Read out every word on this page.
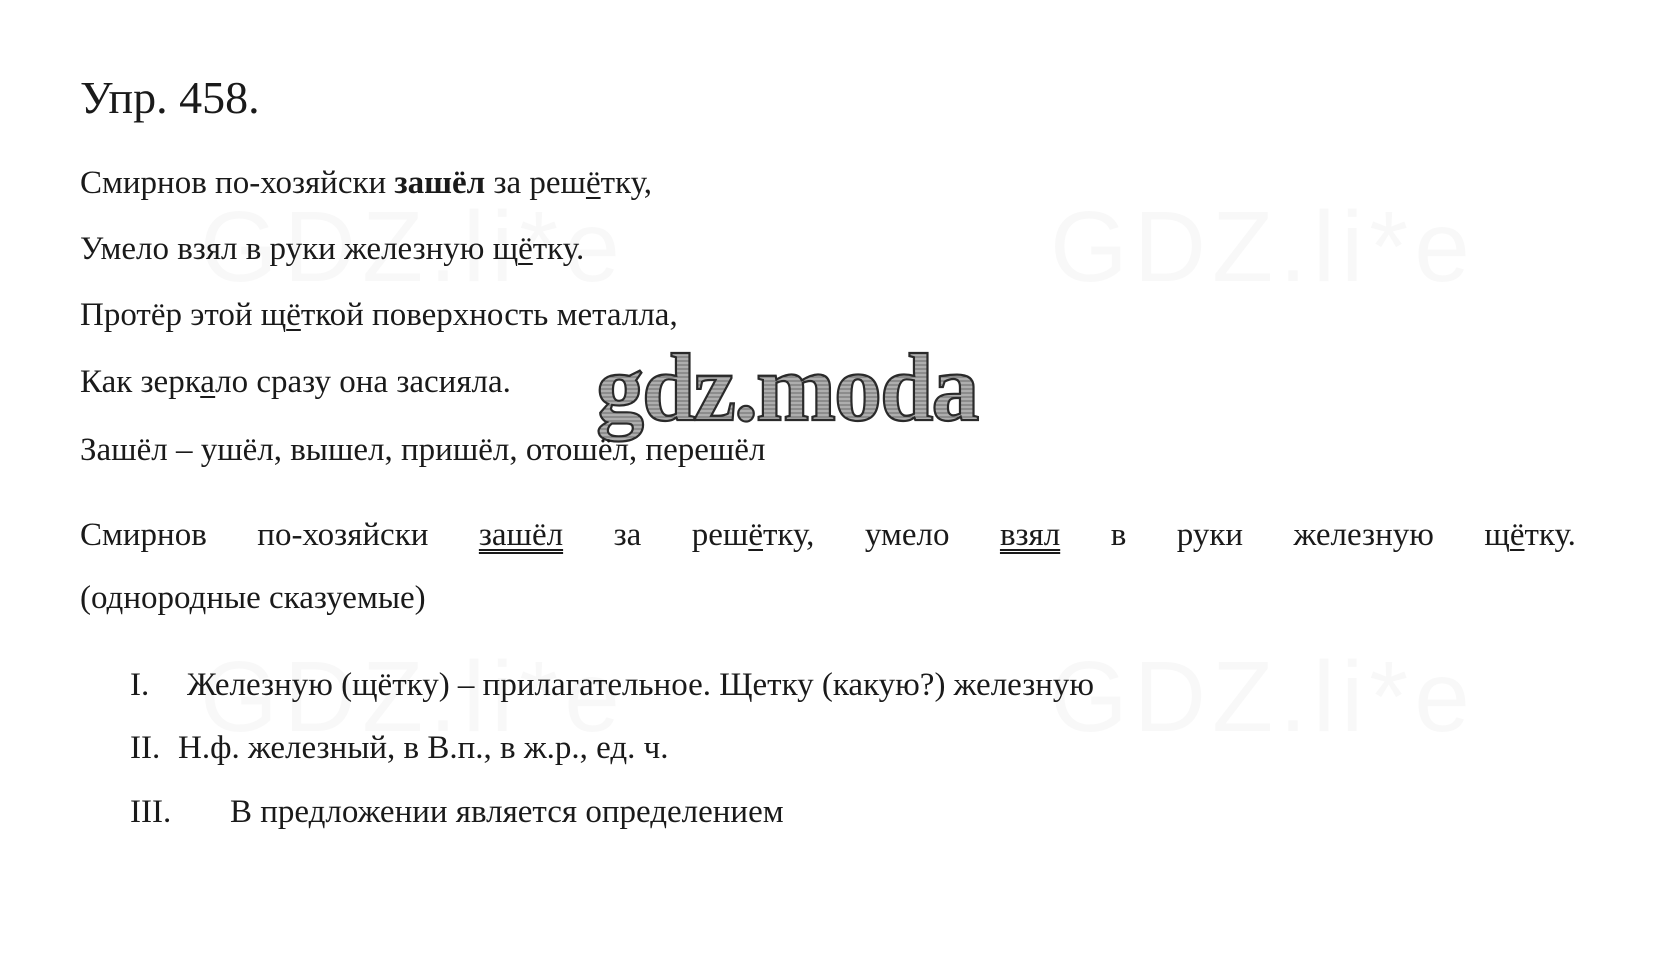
Упр. 458.
Смирнов по-хозяйски зашёл за решётку,
Умело взял в руки железную щётку.
Протёр этой щёткой поверхность металла,
Как зеркало сразу она засияла. gdz.moda
Зашёл – ушёл, вышел, пришёл, отошёл, перешёл
Смирнов по-хозяйски зашёл за решётку, умело взял в руки железную щётку.
(однородные сказуемые)
I. Железную (щётку) – прилагательное. Щетку (какую?) железную
II. Н.ф. железный, в В.п., в ж.р., ед. ч.
III. В предложении является определением
